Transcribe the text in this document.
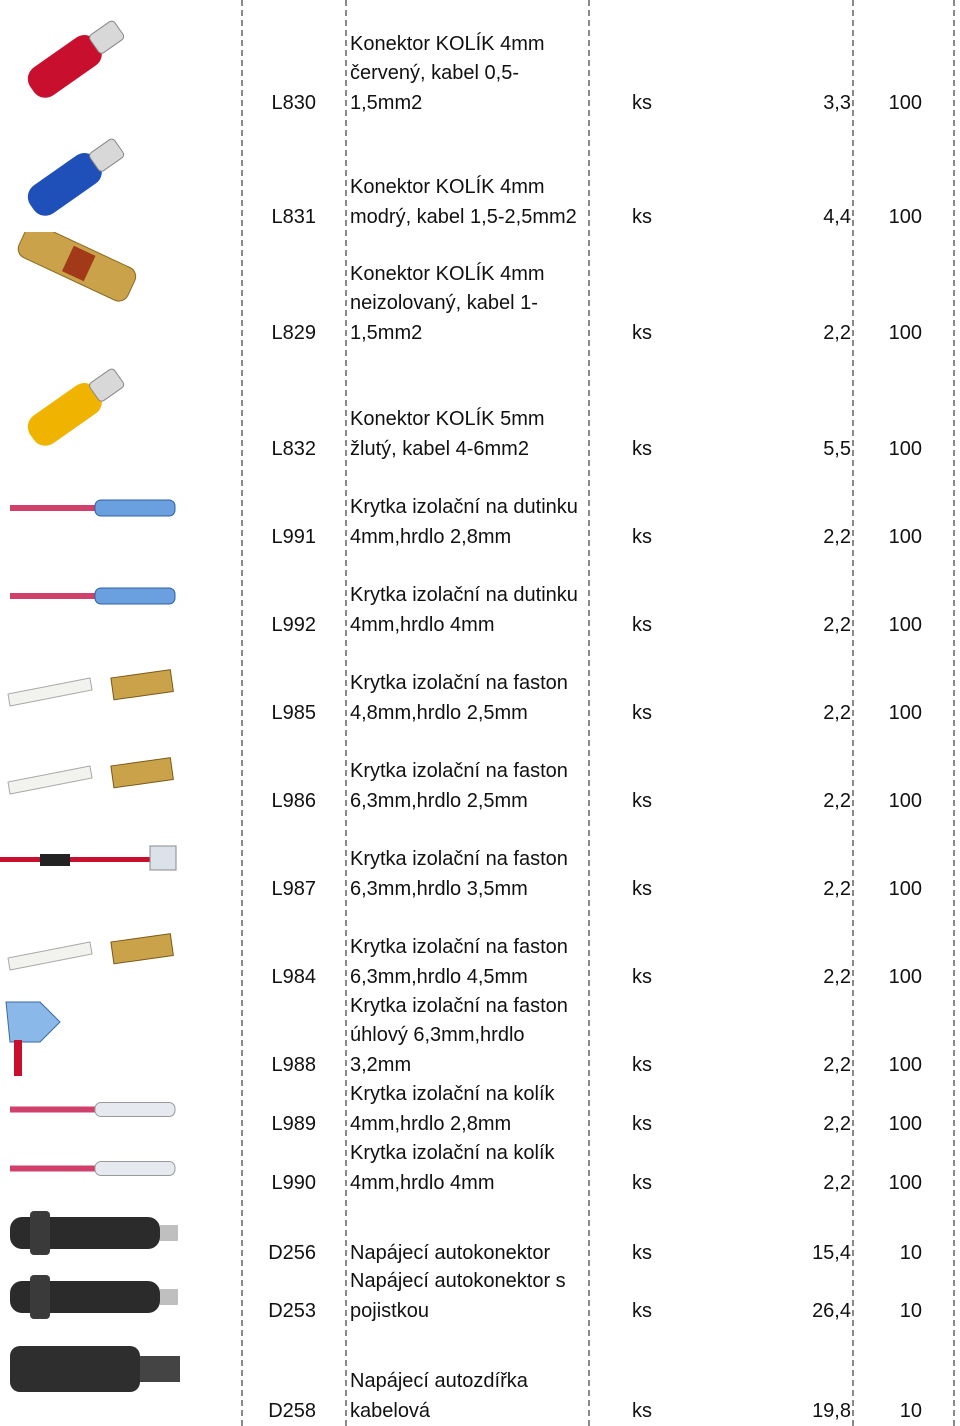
L830
Konektor KOLÍK 4mm
červený, kabel 0,5-
1,5mm2	ks	3,3	100
L831
Konektor KOLÍK 4mm
modrý, kabel 1,5-2,5mm2	ks	4,4	100
L829
Konektor KOLÍK 4mm
neizolovaný, kabel 1-
1,5mm2	ks	2,2	100
L832
Konektor KOLÍK 5mm
žlutý, kabel 4-6mm2	ks	5,5	100
L991
Krytka izolační na dutinku
4mm,hrdlo 2,8mm	ks	2,2	100
L992
Krytka izolační na dutinku
4mm,hrdlo 4mm	ks	2,2	100
L985
Krytka izolační na faston
4,8mm,hrdlo 2,5mm	ks	2,2	100
L986
Krytka izolační na faston
6,3mm,hrdlo 2,5mm	ks	2,2	100
L987
Krytka izolační na faston
6,3mm,hrdlo 3,5mm	ks	2,2	100
L984
Krytka izolační na faston
6,3mm,hrdlo 4,5mm	ks	2,2	100
L988
Krytka izolační na faston
úhlový 6,3mm,hrdlo
3,2mm	ks	2,2	100
L989
Krytka izolační na kolík
4mm,hrdlo 2,8mm	ks	2,2	100
L990
Krytka izolační na kolík
4mm,hrdlo 4mm	ks	2,2	100
D256 Napájecí autokonektor	ks	15,4	10
D253
Napájecí autokonektor s
pojistkou	ks	26,4	10
D258
Napájecí autozdířka
kabelová	ks	19,8	10
